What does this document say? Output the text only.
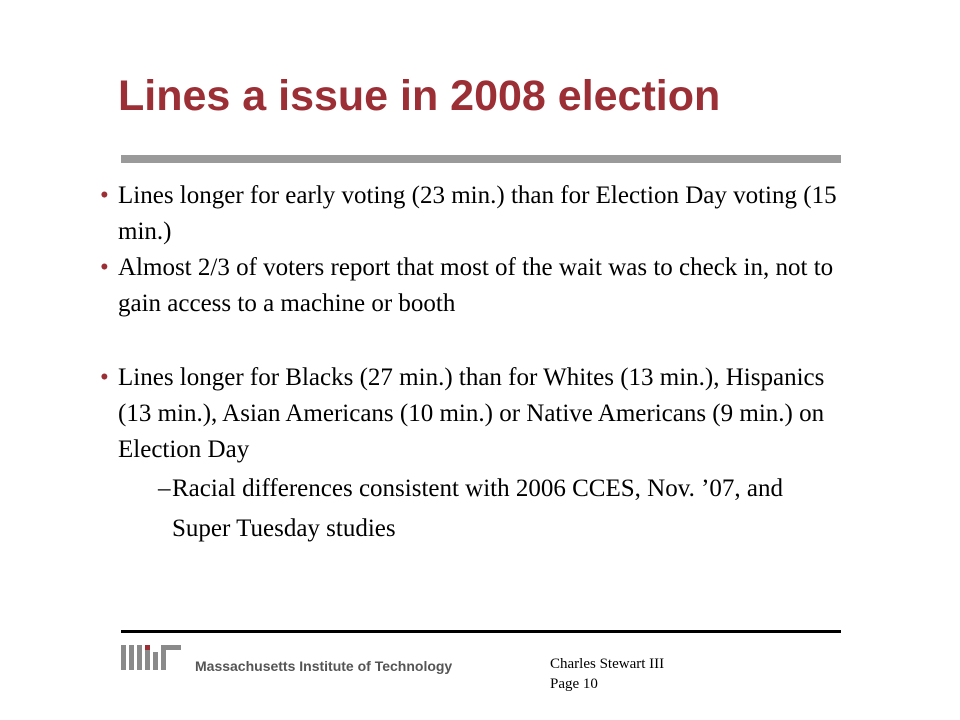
Lines a issue in 2008 election
• Lines longer for early voting (23 min.) than for Election Day voting (15 min.)
• Almost 2/3 of voters report that most of the wait was to check in, not to gain access to a machine or booth
• Lines longer for Blacks (27 min.) than for Whites (13 min.), Hispanics (13 min.), Asian Americans (10 min.) or Native Americans (9 min.) on Election Day
– Racial differences consistent with 2006 CCES, Nov. ’07, and Super Tuesday studies
Massachusetts Institute of Technology	Charles Stewart III
Page 10
